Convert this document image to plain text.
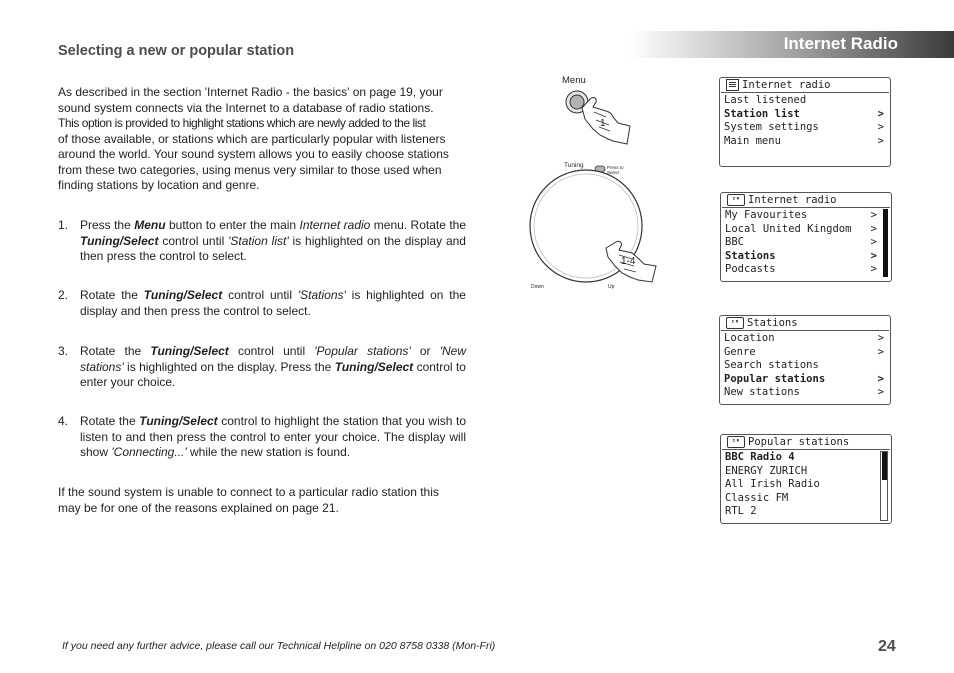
Internet Radio
Selecting a new or popular station
As described in the section 'Internet Radio - the basics' on page 19, your
sound system connects via the Internet to a database of radio stations.
This option is provided to highlight stations which are newly added to the list
of those available, or stations which are particularly popular with listeners
around the world. Your sound system allows you to easily choose stations
from these two categories, using menus very similar to those used when
finding stations by location and genre.
1. Press the Menu button to enter the main Internet radio menu. Rotate the Tuning/Select control until 'Station list' is highlighted on the display and then press the control to select.
2. Rotate the Tuning/Select control until 'Stations' is highlighted on the display and then press the control to select.
3. Rotate the Tuning/Select control until 'Popular stations' or 'New stations' is highlighted on the display. Press the Tuning/Select control to enter your choice.
4. Rotate the Tuning/Select control to highlight the station that you wish to listen to and then press the control to enter your choice. The display will show 'Connecting...' while the new station is found.
If the sound system is unable to connect to a particular radio station this
may be for one of the reasons explained on page 21.
Menu
1
Tuning	Press to
Select
1-4
Down	Up
Internet radio
Last listened
Station list	>
System settings	>
Main menu	>
ᴵᴿ Internet radio
My Favourites	>
Local United Kingdom >
BBC	>
Stations	>
Podcasts	>
ᴵᴿ Stations
Location	>
Genre	>
Search stations
Popular stations	>
New stations	>
ᴵᴿ Popular stations
BBC Radio 4
ENERGY ZURICH
All Irish Radio
Classic FM
RTL 2
If you need any further advice, please call our Technical Helpline on 020 8758 0338 (Mon-Fri)	24
